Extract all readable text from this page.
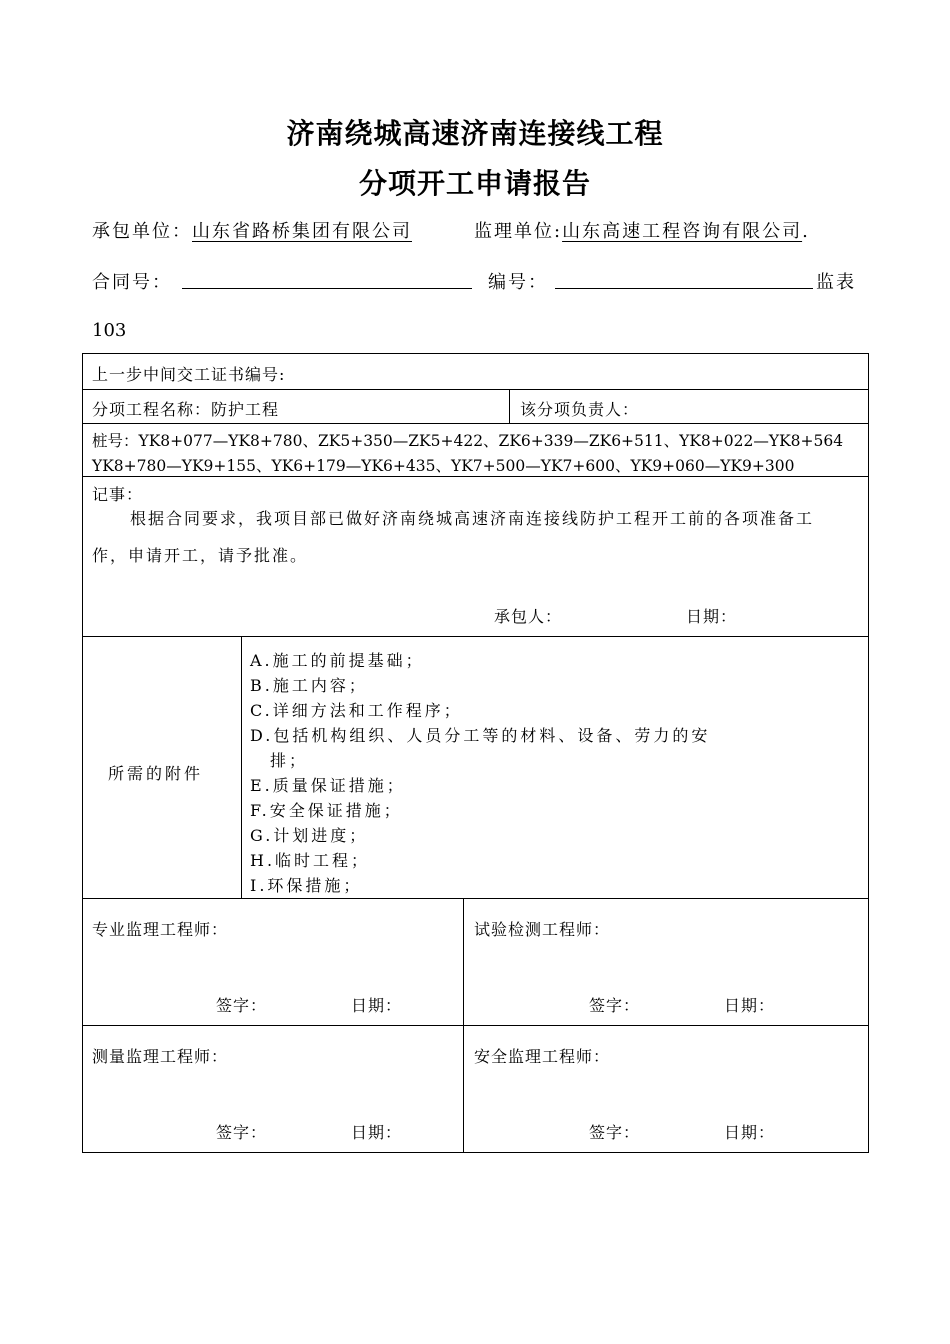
济南绕城高速济南连接线工程
分项开工申请报告
承包单位：山东省路桥集团有限公司	监理单位:山东高速工程咨询有限公司.
合同号：	编号：	监表
103
上一步中间交工证书编号:
分项工程名称：防护工程	该分项负责人：
桩号：YK8+077—YK8+780、ZK5+350—ZK5+422、ZK6+339—ZK6+511、YK8+022—YK8+564
YK8+780—YK9+155、YK6+179—YK6+435、YK7+500—YK7+600、YK9+060—YK9+300
记事：
根据合同要求，我项目部已做好济南绕城高速济南连接线防护工程开工前的各项准备工
作，申请开工，请予批准。
承包人：	日期：
所需的附件
A.施工的前提基础；
B.施工内容；
C.详细方法和工作程序；
D.包括机构组织、人员分工等的材料、设备、劳力的安
排；
E.质量保证措施；
F.安全保证措施；
G.计划进度；
H.临时工程；
I.环保措施；
专业监理工程师：
签字：	日期：
试验检测工程师：
签字：	日期：
测量监理工程师：
签字：	日期：
安全监理工程师：
签字：	日期：
